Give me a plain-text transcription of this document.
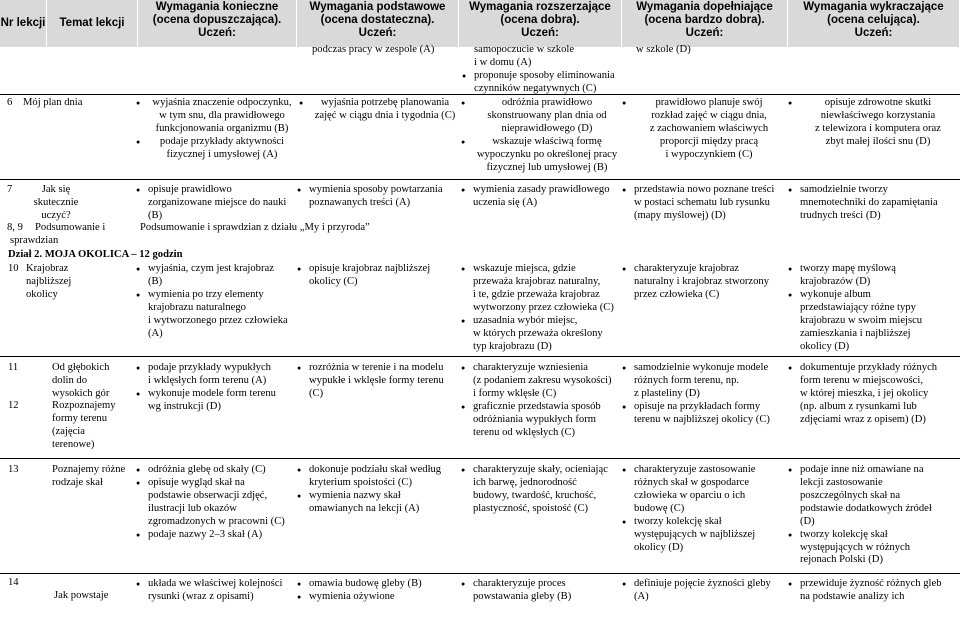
Nr lekcji	Temat lekcji
Wymagania konieczne
(ocena dopuszczająca).
Uczeń:
Wymagania podstawowe
(ocena dostateczna).
Uczeń:
Wymagania rozszerzające
(ocena dobra).
Uczeń:
Wymagania dopełniające
(ocena bardzo dobra).
Uczeń:
Wymagania wykraczające
(ocena celująca).
Uczeń:
podczas pracy w zespole (A)	samopoczucie w szkole
i w domu (A)
● proponuje sposoby eliminowania
czynników negatywnych (C)
w szkole (D)
6 Mój plan dnia
●	wyjaśnia znaczenie odpoczynku,
w tym snu, dla prawidłowego
funkcjonowania organizmu (B)
● podaje przykłady aktywności
fizycznej i umysłowej (A)
● wyjaśnia potrzebę planowania
zajęć w ciągu dnia i tygodnia (C)
● odróżnia prawidłowo
skonstruowany plan dnia od
nieprawidłowego (D)
● wskazuje właściwą formę
wypoczynku po określonej pracy
fizycznej lub umysłowej (B)
● prawidłowo planuje swój
rozkład zajęć w ciągu dnia,
z zachowaniem właściwych
proporcji między pracą
i wypoczynkiem (C)
● opisuje zdrowotne skutki
niewłaściwego korzystania
z telewizora i komputera oraz
zbyt małej ilości snu (D)
7	Jak się
skutecznie
uczyć?
● opisuje prawidłowo
zorganizowane miejsce do nauki
(B)
● wymienia sposoby powtarzania
poznawanych treści (A)
● wymienia zasady prawidłowego
uczenia się (A)
● przedstawia nowo poznane treści
w postaci schematu lub rysunku
(mapy myślowej) (D)
● samodzielnie tworzy
mnemotechniki do zapamiętania
trudnych treści (D)
8, 9 Podsumowanie i
sprawdzian
Podsumowanie i sprawdzian z działu „My i przyroda”
Dział 2. MOJA OKOLICA – 12 godzin
10 Krajobraz
najbliższej
okolicy
● wyjaśnia, czym jest krajobraz
(B)
● wymienia po trzy elementy
krajobrazu naturalnego
i wytworzonego przez człowieka
(A)
● opisuje krajobraz najbliższej
okolicy (C)
● wskazuje miejsca, gdzie
przeważa krajobraz naturalny,
i te, gdzie przeważa krajobraz
wytworzony przez człowieka (C)
● uzasadnia wybór miejsc,
w których przeważa określony
typ krajobrazu (D)
● charakteryzuje krajobraz
naturalny i krajobraz stworzony
przez człowieka (C)
● tworzy mapę myślową
krajobrazów (D)
● wykonuje album
przedstawiający różne typy
krajobrazu w swoim miejscu
zamieszkania i najbliższej
okolicy (D)
11	Od głębokich
dolin do
wysokich gór
12	Rozpoznajemy
formy terenu
(zajęcia
terenowe)
● podaje przykłady wypukłych
i wklęsłych form terenu (A)
● wykonuje modele form terenu
wg instrukcji (D)
● rozróżnia w terenie i na modelu
wypukłe i wklęsłe formy terenu
(C)
● charakteryzuje wzniesienia
(z podaniem zakresu wysokości)
i formy wklęsłe (C)
● graficznie przedstawia sposób
odróżniania wypukłych form
terenu od wklęsłych (C)
● samodzielnie wykonuje modele
różnych form terenu, np.
z plasteliny (D)
● opisuje na przykładach formy
terenu w najbliższej okolicy (C)
● dokumentuje przykłady różnych
form terenu w miejscowości,
w której mieszka, i jej okolicy
(np. album z rysunkami lub
zdjęciami wraz z opisem) (D)
13	Poznajemy różne
rodzaje skał
● odróżnia glebę od skały (C)
● opisuje wygląd skał na
podstawie obserwacji zdjęć,
ilustracji lub okazów
zgromadzonych w pracowni (C)
● podaje nazwy 2–3 skał (A)
● dokonuje podziału skał według
kryterium spoistości (C)
● wymienia nazwy skał
omawianych na lekcji (A)
● charakteryzuje skały, ocieniając
ich barwę, jednorodność
budowy, twardość, kruchość,
plastyczność, spoistość (C)
● charakteryzuje zastosowanie
różnych skał w gospodarce
człowieka w oparciu o ich
budowę (C)
● tworzy kolekcję skał
występujących w najbliższej
okolicy (D)
● podaje inne niż omawiane na
lekcji zastosowanie
poszczególnych skał na
podstawie dodatkowych źródeł
(D)
● tworzy kolekcję skał
występujących w różnych
rejonach Polski (D)
14
Jak powstaje
● układa we właściwej kolejności
rysunki (wraz z opisami)
● omawia budowę gleby (B)
● wymienia ożywione
● charakteryzuje proces
powstawania gleby (B)
● definiuje pojęcie żyzności gleby
(A)
● przewiduje żyzność różnych gleb
na podstawie analizy ich
